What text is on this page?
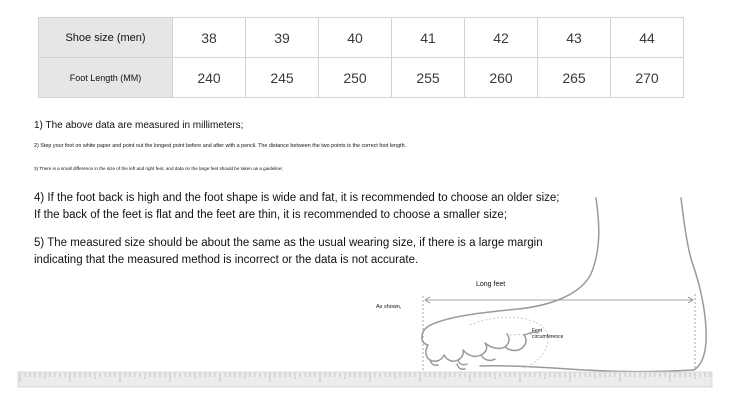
Shoe size (men)	38	39	40	41	42	43	44
Foot Length (MM)	240	245	250	255	260	265	270

1) The above data are measured in millimeters;

2) Step your foot on white paper and point out the longest point before and after with a pencil. The distance between the two points is the correct foot length.

3) There is a small difference in the size of the left and right feet, and data on the large feet should be taken as a guideline;

4) If the foot back is high and the foot shape is wide and fat, it is recommended to choose an older size;
If the back of the feet is flat and the feet are thin, it is recommended to choose a smaller size;

5) The measured size should be about the same as the usual wearing size, if there is a large margin
indicating that the measured method is incorrect or the data is not accurate.

Long feet

As shown,

Feet
circumference
